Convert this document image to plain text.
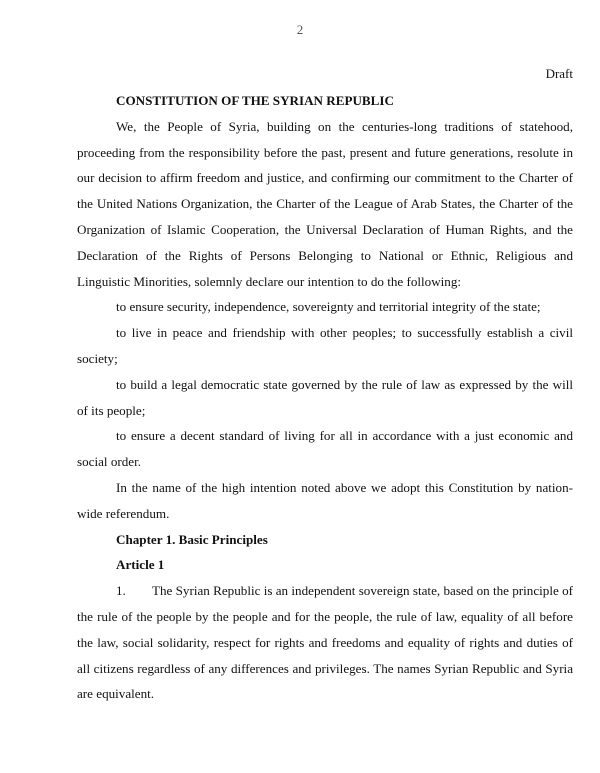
2
Draft

CONSTITUTION OF THE SYRIAN REPUBLIC

We, the People of Syria, building on the centuries-long traditions of statehood, proceeding from the responsibility before the past, present and future generations, resolute in our decision to affirm freedom and justice, and confirming our commitment to the Charter of the United Nations Organization, the Charter of the League of Arab States, the Charter of the Organization of Islamic Cooperation, the Universal Declaration of Human Rights, and the Declaration of the Rights of Persons Belonging to National or Ethnic, Religious and Linguistic Minorities, solemnly declare our intention to do the following:

to ensure security, independence, sovereignty and territorial integrity of the state;

to live in peace and friendship with other peoples; to successfully establish a civil society;

to build a legal democratic state governed by the rule of law as expressed by the will of its people;

to ensure a decent standard of living for all in accordance with a just economic and social order.

In the name of the high intention noted above we adopt this Constitution by nation-wide referendum.

Chapter 1. Basic Principles

Article 1

1. The Syrian Republic is an independent sovereign state, based on the principle of the rule of the people by the people and for the people, the rule of law, equality of all before the law, social solidarity, respect for rights and freedoms and equality of rights and duties of all citizens regardless of any differences and privileges. The names Syrian Republic and Syria are equivalent.
